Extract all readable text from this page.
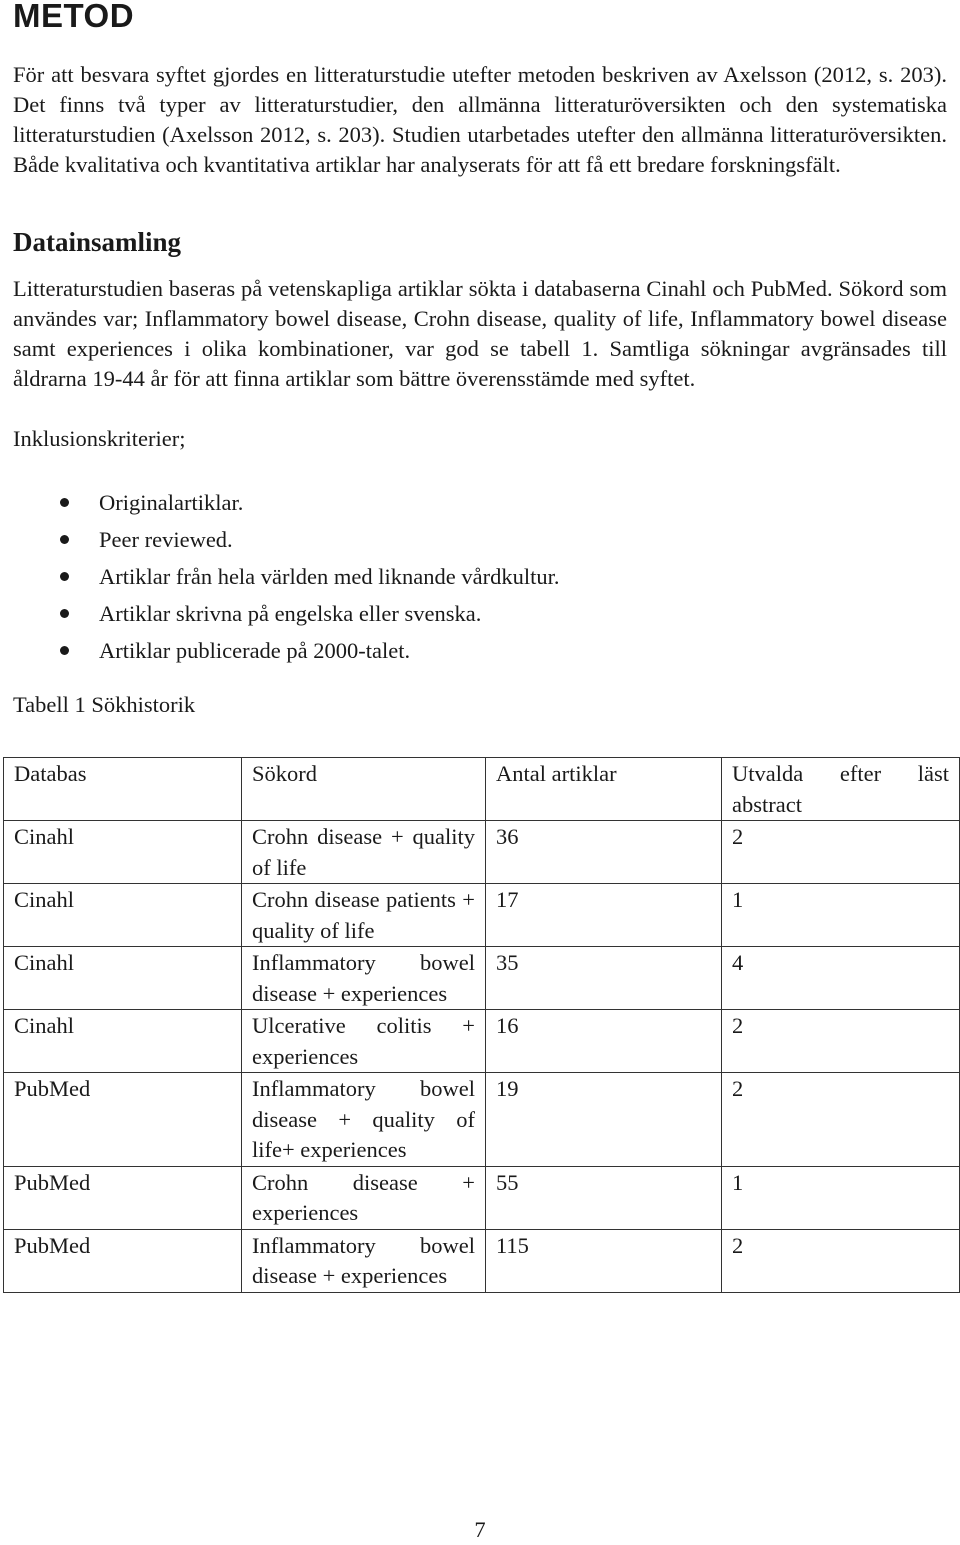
METOD

För att besvara syftet gjordes en litteraturstudie utefter metoden beskriven av Axelsson (2012, s. 203). Det finns två typer av litteraturstudier, den allmänna litteraturöversikten och den systematiska litteraturstudien (Axelsson 2012, s. 203). Studien utarbetades utefter den allmänna litteraturöversikten. Både kvalitativa och kvantitativa artiklar har analyserats för att få ett bredare forskningsfält.

Datainsamling

Litteraturstudien baseras på vetenskapliga artiklar sökta i databaserna Cinahl och PubMed. Sökord som användes var; Inflammatory bowel disease, Crohn disease, quality of life, Inflammatory bowel disease samt experiences i olika kombinationer, var god se tabell 1. Samtliga sökningar avgränsades till åldrarna 19-44 år för att finna artiklar som bättre överensstämde med syftet.

Inklusionskriterier;

Originalartiklar.
Peer reviewed.
Artiklar från hela världen med liknande vårdkultur.
Artiklar skrivna på engelska eller svenska.
Artiklar publicerade på 2000-talet.

Tabell 1 Sökhistorik

Databas	Sökord	Antal artiklar	Utvalda efter läst abstract
Cinahl	Crohn disease + quality of life	36	2
Cinahl	Crohn disease patients + quality of life	17	1
Cinahl	Inflammatory bowel disease + experiences	35	4
Cinahl	Ulcerative colitis + experiences	16	2
PubMed	Inflammatory bowel disease + quality of life+ experiences	19	2
PubMed	Crohn disease + experiences	55	1
PubMed	Inflammatory bowel disease + experiences	115	2
7
